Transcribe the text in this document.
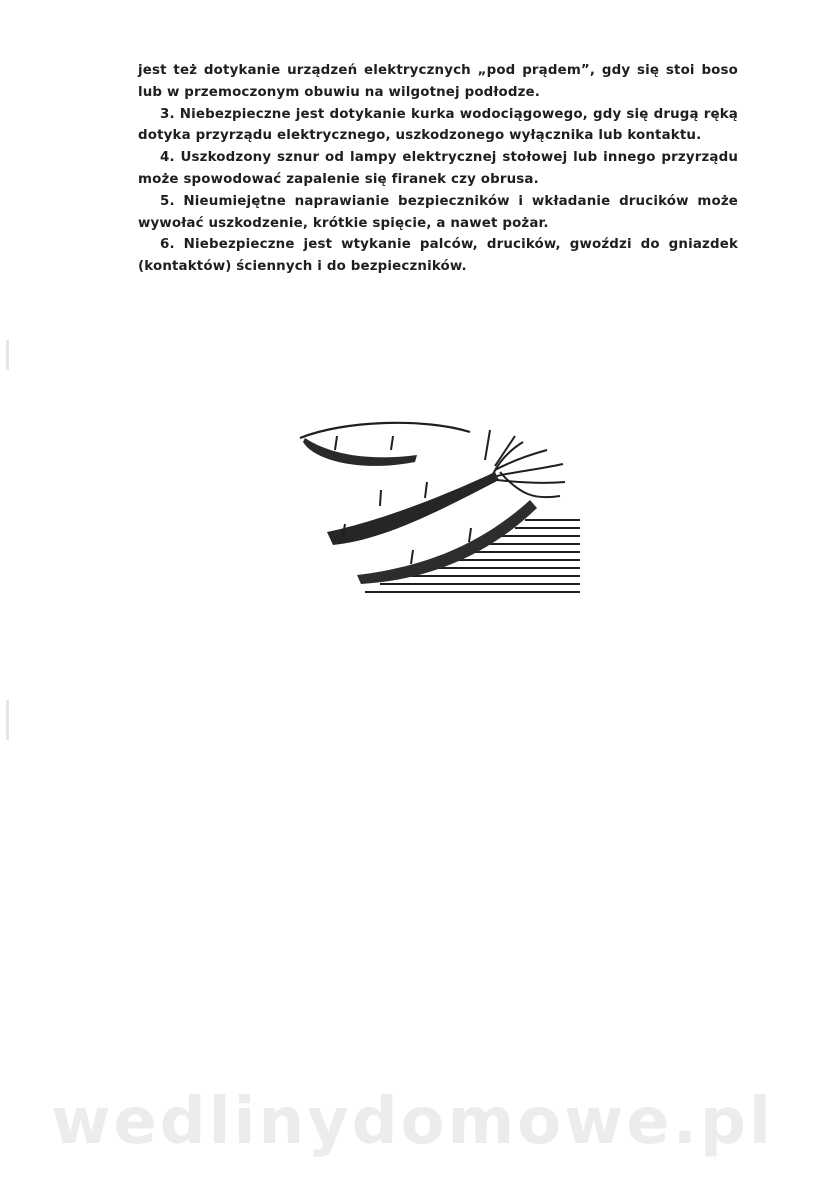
jest też dotykanie urządzeń elektrycznych „pod prądem”, gdy się stoi boso lub w przemoczonym obuwiu na wilgotnej podłodze.

3. Niebezpieczne jest dotykanie kurka wodociągowego, gdy się drugą ręką dotyka przyrządu elektrycznego, uszkodzonego wyłącznika lub kontaktu.

4. Uszkodzony sznur od lampy elektrycznej stołowej lub innego przyrządu może spowodować zapalenie się firanek czy obrusa.

5. Nieumiejętne naprawianie bezpieczników i wkładanie drucików może wywołać uszkodzenie, krótkie spięcie, a nawet pożar.

6. Niebezpieczne jest wtykanie palców, drucików, gwoździ do gniazdek (kontaktów) ściennych i do bezpieczników.

wedlinydomowe.pl
